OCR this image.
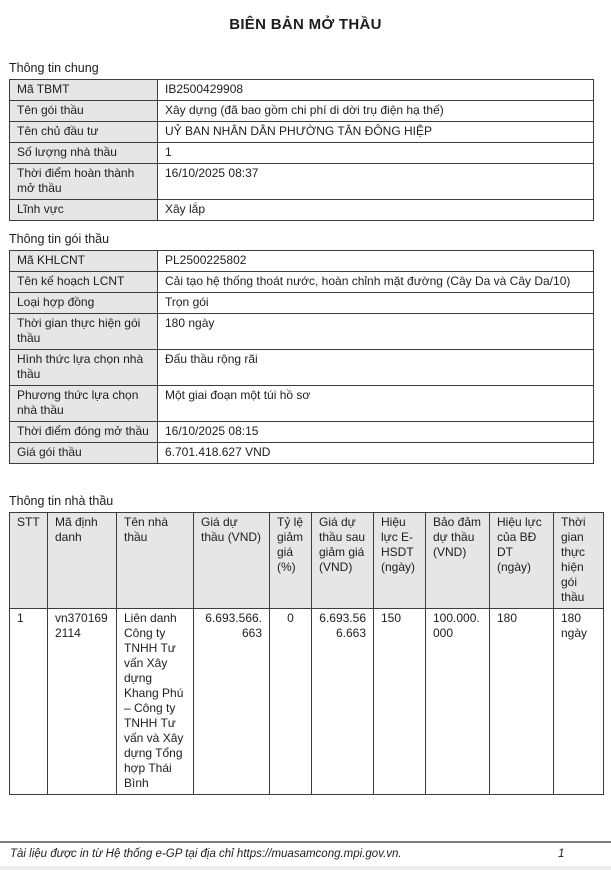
BIÊN BẢN MỞ THẦU
Thông tin chung
Mã TBMT	IB2500429908
Tên gói thầu	Xây dựng (đã bao gồm chi phí di dời trụ điện hạ thế)
Tên chủ đầu tư	UỶ BAN NHÂN DÂN PHƯỜNG TÂN ĐÔNG HIỆP
Số lượng nhà thầu	1
Thời điểm hoàn thành mở thầu	16/10/2025 08:37
Lĩnh vực	Xây lắp
Thông tin gói thầu
Mã KHLCNT	PL2500225802
Tên kế hoạch LCNT	Cải tạo hệ thống thoát nước, hoàn chỉnh mặt đường (Cây Da và Cây Da/10)
Loại hợp đồng	Trọn gói
Thời gian thực hiện gói thầu	180 ngày
Hình thức lựa chọn nhà thầu	Đấu thầu rộng rãi
Phương thức lựa chọn nhà thầu	Một giai đoạn một túi hồ sơ
Thời điểm đóng mở thầu	16/10/2025 08:15
Giá gói thầu	6.701.418.627 VND
Thông tin nhà thầu
STT	Mã định danh	Tên nhà thầu	Giá dự thầu (VND)	Tỷ lệ giảm giá (%)	Giá dự thầu sau giảm giá (VND)	Hiệu lực E-HSDT (ngày)	Bảo đảm dự thầu (VND)	Hiệu lực của BĐ DT (ngày)	Thời gian thực hiện gói thầu
1	vn3701692114	Liên danh Công ty TNHH Tư vấn Xây dựng Khang Phú – Công ty TNHH Tư vấn và Xây dựng Tổng hợp Thái Bình	6.693.566.663	0	6.693.566.663	150	100.000.000	180	180 ngày
Tài liệu được in từ Hệ thống e-GP tại địa chỉ https://muasamcong.mpi.gov.vn.	1
